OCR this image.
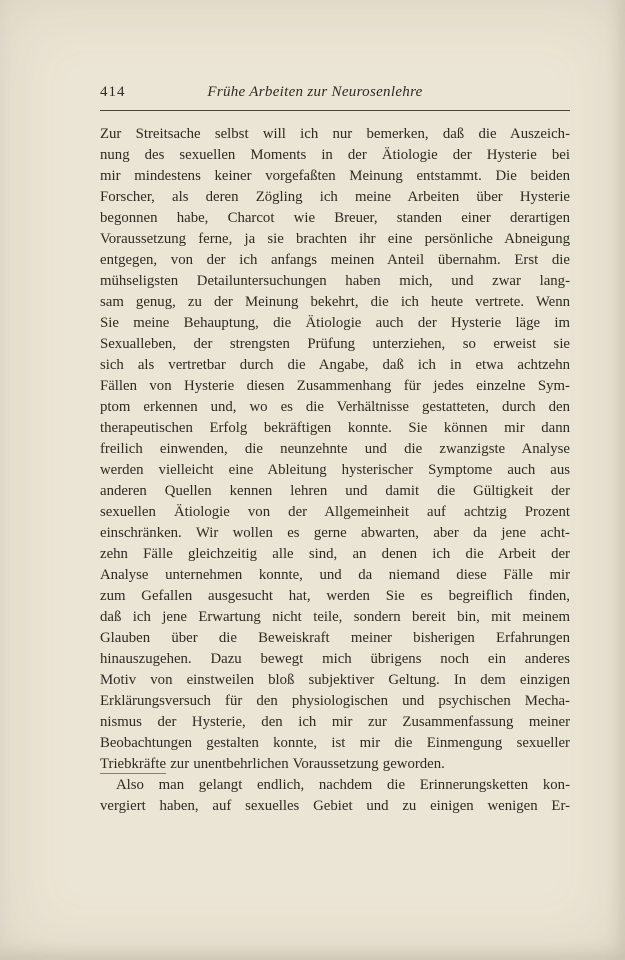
414	Frühe Arbeiten zur Neurosenlehre
Zur Streitsache selbst will ich nur bemerken, daß die Auszeich-
nung des sexuellen Moments in der Ätiologie der Hysterie bei
mir mindestens keiner vorgefaßten Meinung entstammt. Die beiden
Forscher, als deren Zögling ich meine Arbeiten über Hysterie
begonnen habe, Charcot wie Breuer, standen einer derartigen
Voraussetzung ferne, ja sie brachten ihr eine persönliche Abneigung
entgegen, von der ich anfangs meinen Anteil übernahm. Erst die
mühseligsten Detailuntersuchungen haben mich, und zwar lang-
sam genug, zu der Meinung bekehrt, die ich heute vertrete. Wenn
Sie meine Behauptung, die Ätiologie auch der Hysterie läge im
Sexualleben, der strengsten Prüfung unterziehen, so erweist sie
sich als vertretbar durch die Angabe, daß ich in etwa achtzehn
Fällen von Hysterie diesen Zusammenhang für jedes einzelne Sym-
ptom erkennen und, wo es die Verhältnisse gestatteten, durch den
therapeutischen Erfolg bekräftigen konnte. Sie können mir dann
freilich einwenden, die neunzehnte und die zwanzigste Analyse
werden vielleicht eine Ableitung hysterischer Symptome auch aus
anderen Quellen kennen lehren und damit die Gültigkeit der
sexuellen Ätiologie von der Allgemeinheit auf achtzig Prozent
einschränken. Wir wollen es gerne abwarten, aber da jene acht-
zehn Fälle gleichzeitig alle sind, an denen ich die Arbeit der
Analyse unternehmen konnte, und da niemand diese Fälle mir
zum Gefallen ausgesucht hat, werden Sie es begreiflich finden,
daß ich jene Erwartung nicht teile, sondern bereit bin, mit meinem
Glauben über die Beweiskraft meiner bisherigen Erfahrungen
hinauszugehen. Dazu bewegt mich übrigens noch ein anderes
Motiv von einstweilen bloß subjektiver Geltung. In dem einzigen
Erklärungsversuch für den physiologischen und psychischen Mecha-
nismus der Hysterie, den ich mir zur Zusammenfassung meiner
Beobachtungen gestalten konnte, ist mir die Einmengung sexueller
Triebkräfte zur unentbehrlichen Voraussetzung geworden.
Also man gelangt endlich, nachdem die Erinnerungsketten kon-
vergiert haben, auf sexuelles Gebiet und zu einigen wenigen Er-
